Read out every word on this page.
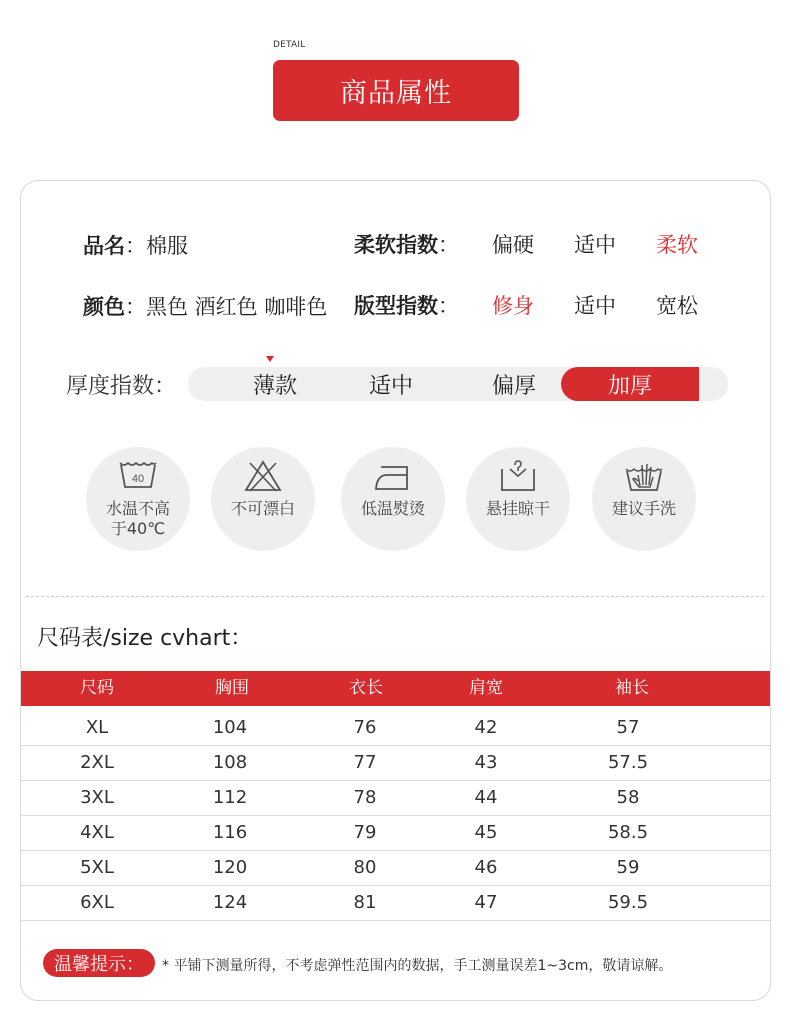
DETAIL
商品属性
品名：棉服
颜色：黑色 酒红色 咖啡色
柔软指数： 偏硬 适中 柔软
版型指数： 修身 适中 宽松
厚度指数：	薄款	适中	偏厚	加厚
40
水温不高
于40℃
不可漂白	低温熨烫	悬挂晾干	建议手洗
尺码表/size cvhart：
尺码	胸围	衣长	肩宽	袖长
XL	104	76	42	57
2XL	108	77	43	57.5
3XL	112	78	44	58
4XL	116	79	45	58.5
5XL	120	80	46	59
6XL	124	81	47	59.5
温馨提示：	* 平铺下测量所得，不考虑弹性范围内的数据，手工测量误差1~3cm，敬请谅解。
